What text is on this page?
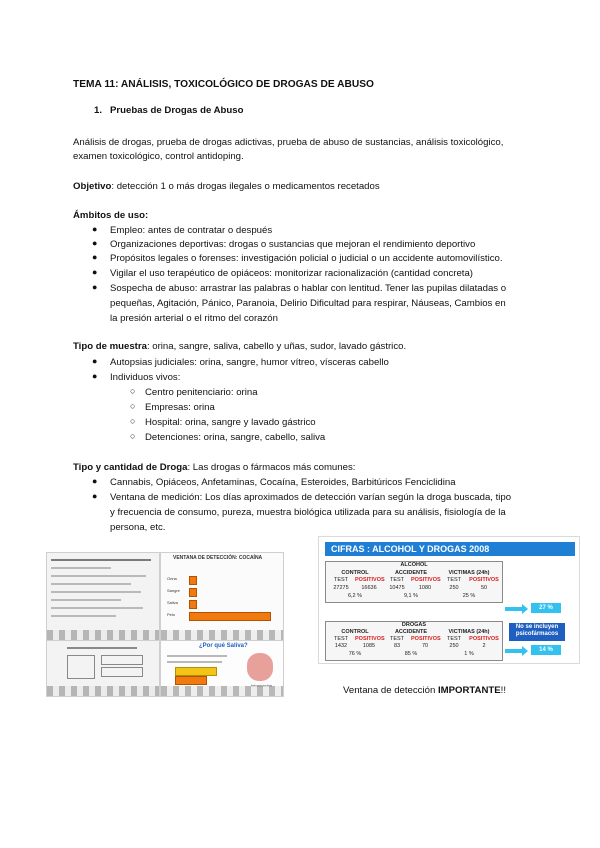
TEMA 11: ANÁLISIS, TOXICOLÓGICO DE DROGAS DE ABUSO
1. Pruebas de Drogas de Abuso
Análisis de drogas, prueba de drogas adictivas, prueba de abuso de sustancias, análisis toxicológico,
examen toxicológico, control antidoping.
Objetivo: detección 1 o más drogas ilegales o medicamentos recetados
Ámbitos de uso:
● Empleo: antes de contratar o después
● Organizaciones deportivas: drogas o sustancias que mejoran el rendimiento deportivo
● Propósitos legales o forenses: investigación policial o judicial o un accidente automovilístico.
● Vigilar el uso terapéutico de opiáceos: monitorizar racionalización (cantidad concreta)
● Sospecha de abuso: arrastrar las palabras o hablar con lentitud. Tener las pupilas dilatadas o
pequeñas, Agitación, Pánico, Paranoia, Delirio Dificultad para respirar, Náuseas, Cambios en
la presión arterial o el ritmo del corazón
Tipo de muestra: orina, sangre, saliva, cabello y uñas, sudor, lavado gástrico.
● Autopsias judiciales: orina, sangre, humor vítreo, vísceras cabello
● Individuos vivos:
○ Centro penitenciario: orina
○ Empresas: orina
○ Hospital: orina, sangre y lavado gástrico
○ Detenciones: orina, sangre, cabello, saliva
Tipo y cantidad de Droga: Las drogas o fármacos más comunes:
● Cannabis, Opiáceos, Anfetaminas, Cocaína, Esteroides, Barbitúricos Fenciclidina
● Ventana de medición: Los días aproximados de detección varían según la droga buscada, tipo
y frecuencia de consumo, pureza, muestra biológica utilizada para su análisis, fisiología de la
persona, etc.
VENTANA DE DETECCIÓN: COCAÍNA
Orina
Sangre
Saliva
Pelo
¿Por qué Saliva?
CIFRAS : ALCOHOL Y DROGAS 2008
ALCOHOL
CONTROL	ACCIDENTE	VICTIMAS (24h)
TEST	POSITIVOS TEST	POSITIVOS	TEST	POSITIVOS
27275	16636	10475	1080	250	50
6,2 %	9,1 %	25 %
27 %
DROGAS
CONTROL	ACCIDENTE	VICTIMAS (24h)
TEST	POSITIVOS TEST	POSITIVOS	TEST	POSITIVOS
1432	1085	83	70	250	2
76 %	85 %	1 %
No se incluyen psicofármacos
14 %
Ventana de detección IMPORTANTE!!
